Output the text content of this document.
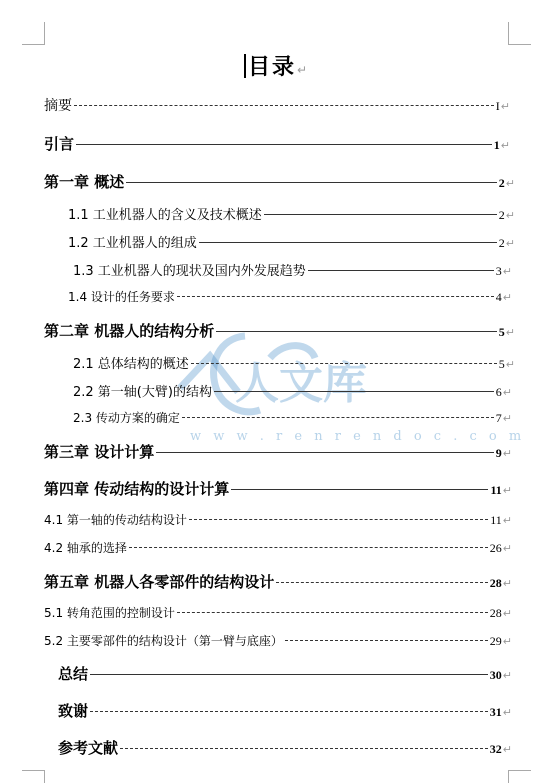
目录↵
人文库
w w w . r e n r e n d o c . c o m
摘要	I ↵
引言	1 ↵
第一章 概述	2 ↵
1.1 工业机器人的含义及技术概述	2 ↵
1.2 工业机器人的组成	2 ↵
1.3 工业机器人的现状及国内外发展趋势	3 ↵
1.4 设计的任务要求	4 ↵
第二章 机器人的结构分析	5 ↵
2.1 总体结构的概述	5 ↵
2.2 第一轴(大臂)的结构	6 ↵
2.3 传动方案的确定	7 ↵
第三章 设计计算	9 ↵
第四章 传动结构的设计计算	11 ↵
4.1 第一轴的传动结构设计	11 ↵
4.2 轴承的选择	26 ↵
第五章 机器人各零部件的结构设计	28 ↵
5.1 转角范围的控制设计	28 ↵
5.2 主要零部件的结构设计（第一臂与底座）	29 ↵
总结	30 ↵
致谢	31 ↵
参考文献	32 ↵
